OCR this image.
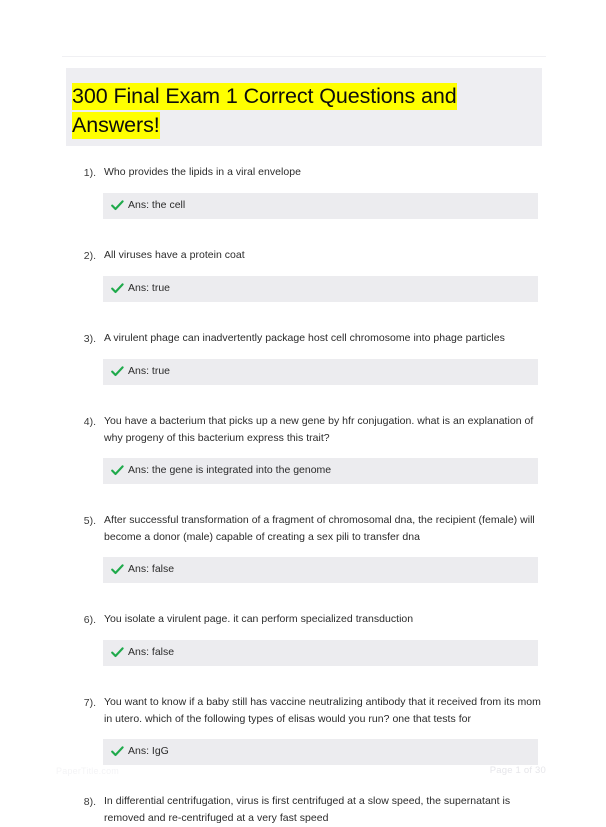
300 Final Exam 1 Correct Questions and Answers!
1). Who provides the lipids in a viral envelope
Ans: the cell
2). All viruses have a protein coat
Ans: true
3). A virulent phage can inadvertently package host cell chromosome into phage particles
Ans: true
4). You have a bacterium that picks up a new gene by hfr conjugation. what is an explanation of why progeny of this bacterium express this trait?
Ans: the gene is integrated into the genome
5). After successful transformation of a fragment of chromosomal dna, the recipient (female) will become a donor (male) capable of creating a sex pili to transfer dna
Ans: false
6). You isolate a virulent page. it can perform specialized transduction
Ans: false
7). You want to know if a baby still has vaccine neutralizing antibody that it received from its mom in utero. which of the following types of elisas would you run? one that tests for
Ans: IgG
8). In differential centrifugation, virus is first centrifuged at a slow speed, the supernatant is removed and re-centrifuged at a very fast speed
PaperTitle.com	Page 1 of 30
